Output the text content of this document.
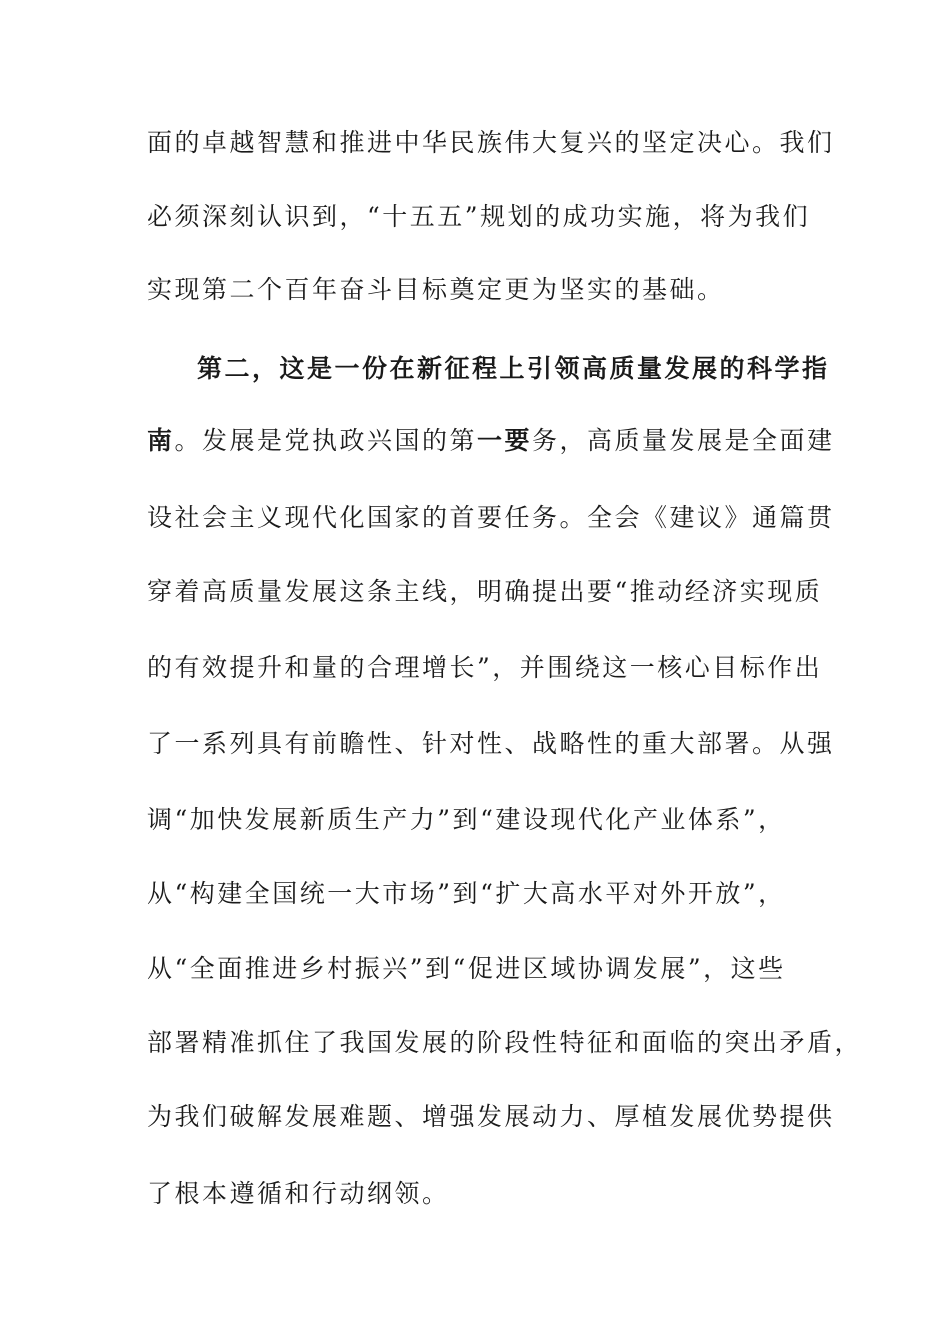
面的卓越智慧和推进中华民族伟大复兴的坚定决心。我们
必须深刻认识到，“十五五”规划的成功实施，将为我们
实现第二个百年奋斗目标奠定更为坚实的基础。
第二，这是一份在新征程上引领高质量发展的科学指
南。发展是党执政兴国的第一要务，高质量发展是全面建
设社会主义现代化国家的首要任务。全会《建议》通篇贯
穿着高质量发展这条主线，明确提出要“推动经济实现质
的有效提升和量的合理增长”，并围绕这一核心目标作出
了一系列具有前瞻性、针对性、战略性的重大部署。从强
调“加快发展新质生产力”到“建设现代化产业体系”，
从“构建全国统一大市场”到“扩大高水平对外开放”，
从“全面推进乡村振兴”到“促进区域协调发展”，这些
部署精准抓住了我国发展的阶段性特征和面临的突出矛盾，
为我们破解发展难题、增强发展动力、厚植发展优势提供
了根本遵循和行动纲领。
